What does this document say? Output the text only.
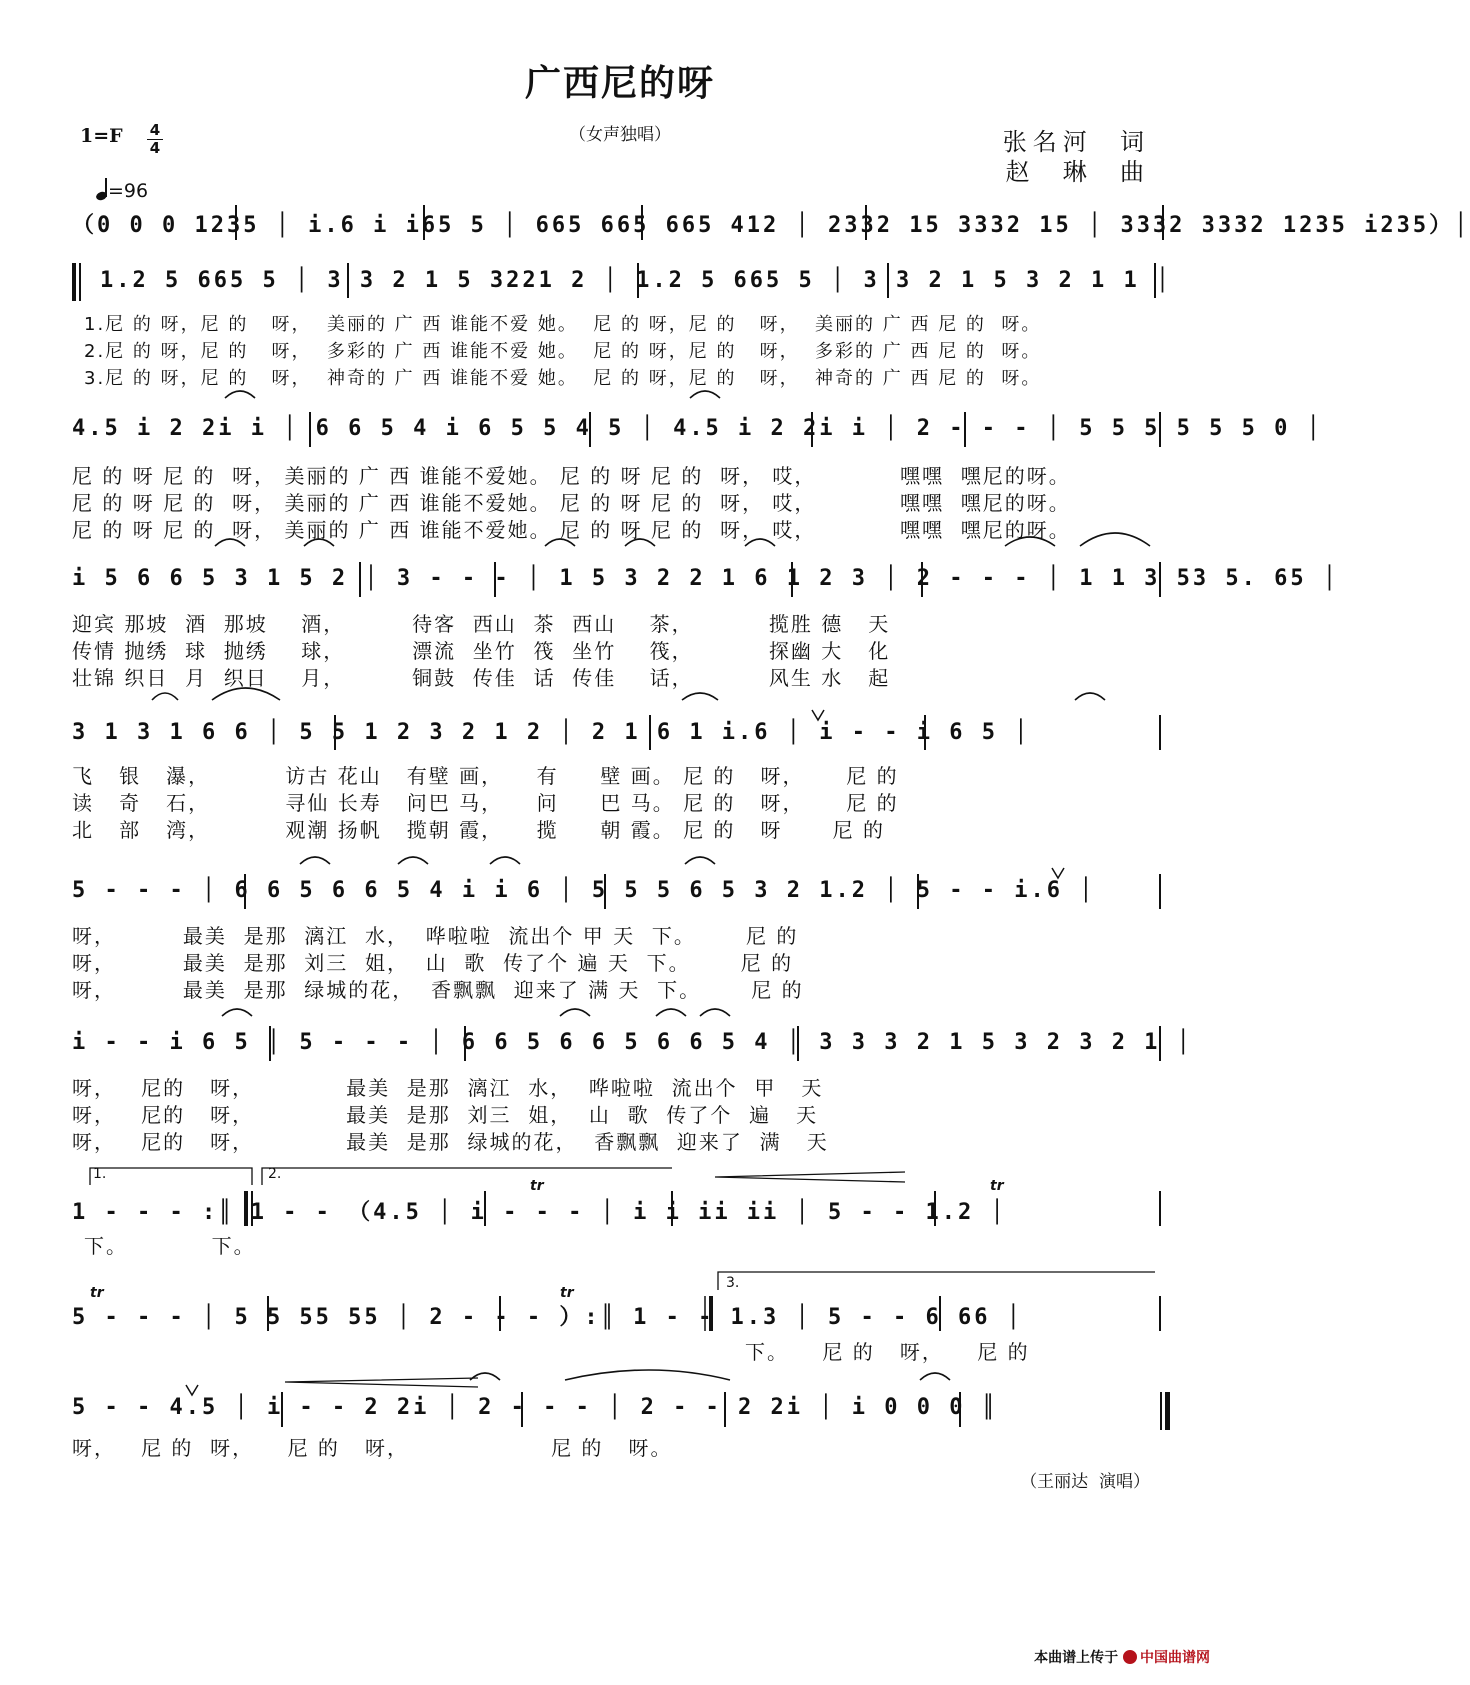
广西尼的呀
（女声独唱）	张名河  词
赵  琳  曲
1=F 4
4
=96
（0 0 0 1235 │ i.6 i i65 5 │ 665 665 665 412 │ 2332 15 3332 15 │ 3332 3332 1235 i235）│
1.2 5 665 5 │ 3 3 2 1 5 3221 2 │ 1.2 5 665 5 │ 3 3 2 1 5 3 2 1 1 │
1.尼 的 呀，尼 的   呀，  美丽的 广 西 谁能不爱 她。  尼 的 呀，尼 的   呀，  美丽的 广 西 尼 的  呀。
2.尼 的 呀，尼 的   呀，  多彩的 广 西 谁能不爱 她。  尼 的 呀，尼 的   呀，  多彩的 广 西 尼 的  呀。
3.尼 的 呀，尼 的   呀，  神奇的 广 西 谁能不爱 她。  尼 的 呀，尼 的   呀，  神奇的 广 西 尼 的  呀。
4.5 i 2 2i i │ 6 6 5 4 i 6 5 5 4 5 │ 4.5 i 2 2i i │ 2 - - - │ 5 5 5 5 5 5 0 │
尼 的 呀 尼 的  呀， 美丽的 广 西 谁能不爱她。 尼 的 呀 尼 的  呀， 哎，          嘿嘿  嘿尼的呀。
尼 的 呀 尼 的  呀， 美丽的 广 西 谁能不爱她。 尼 的 呀 尼 的  呀， 哎，          嘿嘿  嘿尼的呀。
尼 的 呀 尼 的  呀， 美丽的 广 西 谁能不爱她。 尼 的 呀 尼 的  呀， 哎，          嘿嘿  嘿尼的呀。
i 5 6 6 5 3 1 5 2 │ 3 - - - │ 1 5 3 2 2 1 6 1 2 3 │ 2 - - - │ 1 1 3 53 5. 65 │
迎宾 那坡  酒  那坡    酒，        待客  西山  茶  西山    茶，         揽胜 德   天
传情 抛绣  球  抛绣    球，        漂流  坐竹  筏  坐竹    筏，         探幽 大   化
壮锦 织日  月  织日    月，        铜鼓  传佳  话  传佳    话，         风生 水   起
3 1 3 1 6 6 │ 5 5 1 2 3 2 1 2 │ 2 1 6 1 i.6 │ i - - i 6 5 │
飞   银   瀑，         访古 花山   有壁 画，    有     壁 画。 尼 的   呀，     尼 的
读   奇   石，         寻仙 长寿   问巴 马，    问     巴 马。 尼 的   呀，     尼 的
北   部   湾，         观潮 扬帆   揽朝 霞，    揽     朝 霞。 尼 的   呀      尼 的
5 - - - │ 6 6 5 6 6 5 4 i i 6 │ 5 5 5 6 5 3 2 1.2 │ 5 - - i.6 │
呀，        最美  是那  漓江  水，  哗啦啦  流出个 甲 天  下。      尼 的
呀，        最美  是那  刘三  姐，  山  歌  传了个 遍 天  下。      尼 的
呀，        最美  是那  绿城的花，  香飘飘  迎来了 满 天  下。      尼 的
i - - i 6 5 │ 5 - - - │ 6 6 5 6 6 5 6 6 5 4 │ 3 3 3 2 1 5 3 2 3 2 1 │
呀，   尼的   呀，           最美  是那  漓江  水，  哗啦啦  流出个  甲   天
呀，   尼的   呀，           最美  是那  刘三  姐，  山  歌  传了个  遍   天
呀，   尼的   呀，           最美  是那  绿城的花，  香飘飘  迎来了  满   天
1.	2.
tr	tr
1 - - - :║ 1 - - （4.5 │ i - - - │ i i ii ii │ 5 - - 1.2 │
下。          下。
tr	tr
3.
5 - - - │ 5 5 55 55 │ 2 - - - ）:║ 1 - - 1.3 │ 5 - - 6 66 │
下。    尼 的   呀，    尼 的
5 - - 4.5 │ i - - 2 2i │ 2 - - - │ 2 - - 2 2i │ i 0 0 0 ║
呀，   尼 的  呀，    尼 的   呀，                 尼 的   呀。
（王丽达  演唱）
本曲谱上传于 中国曲谱网
